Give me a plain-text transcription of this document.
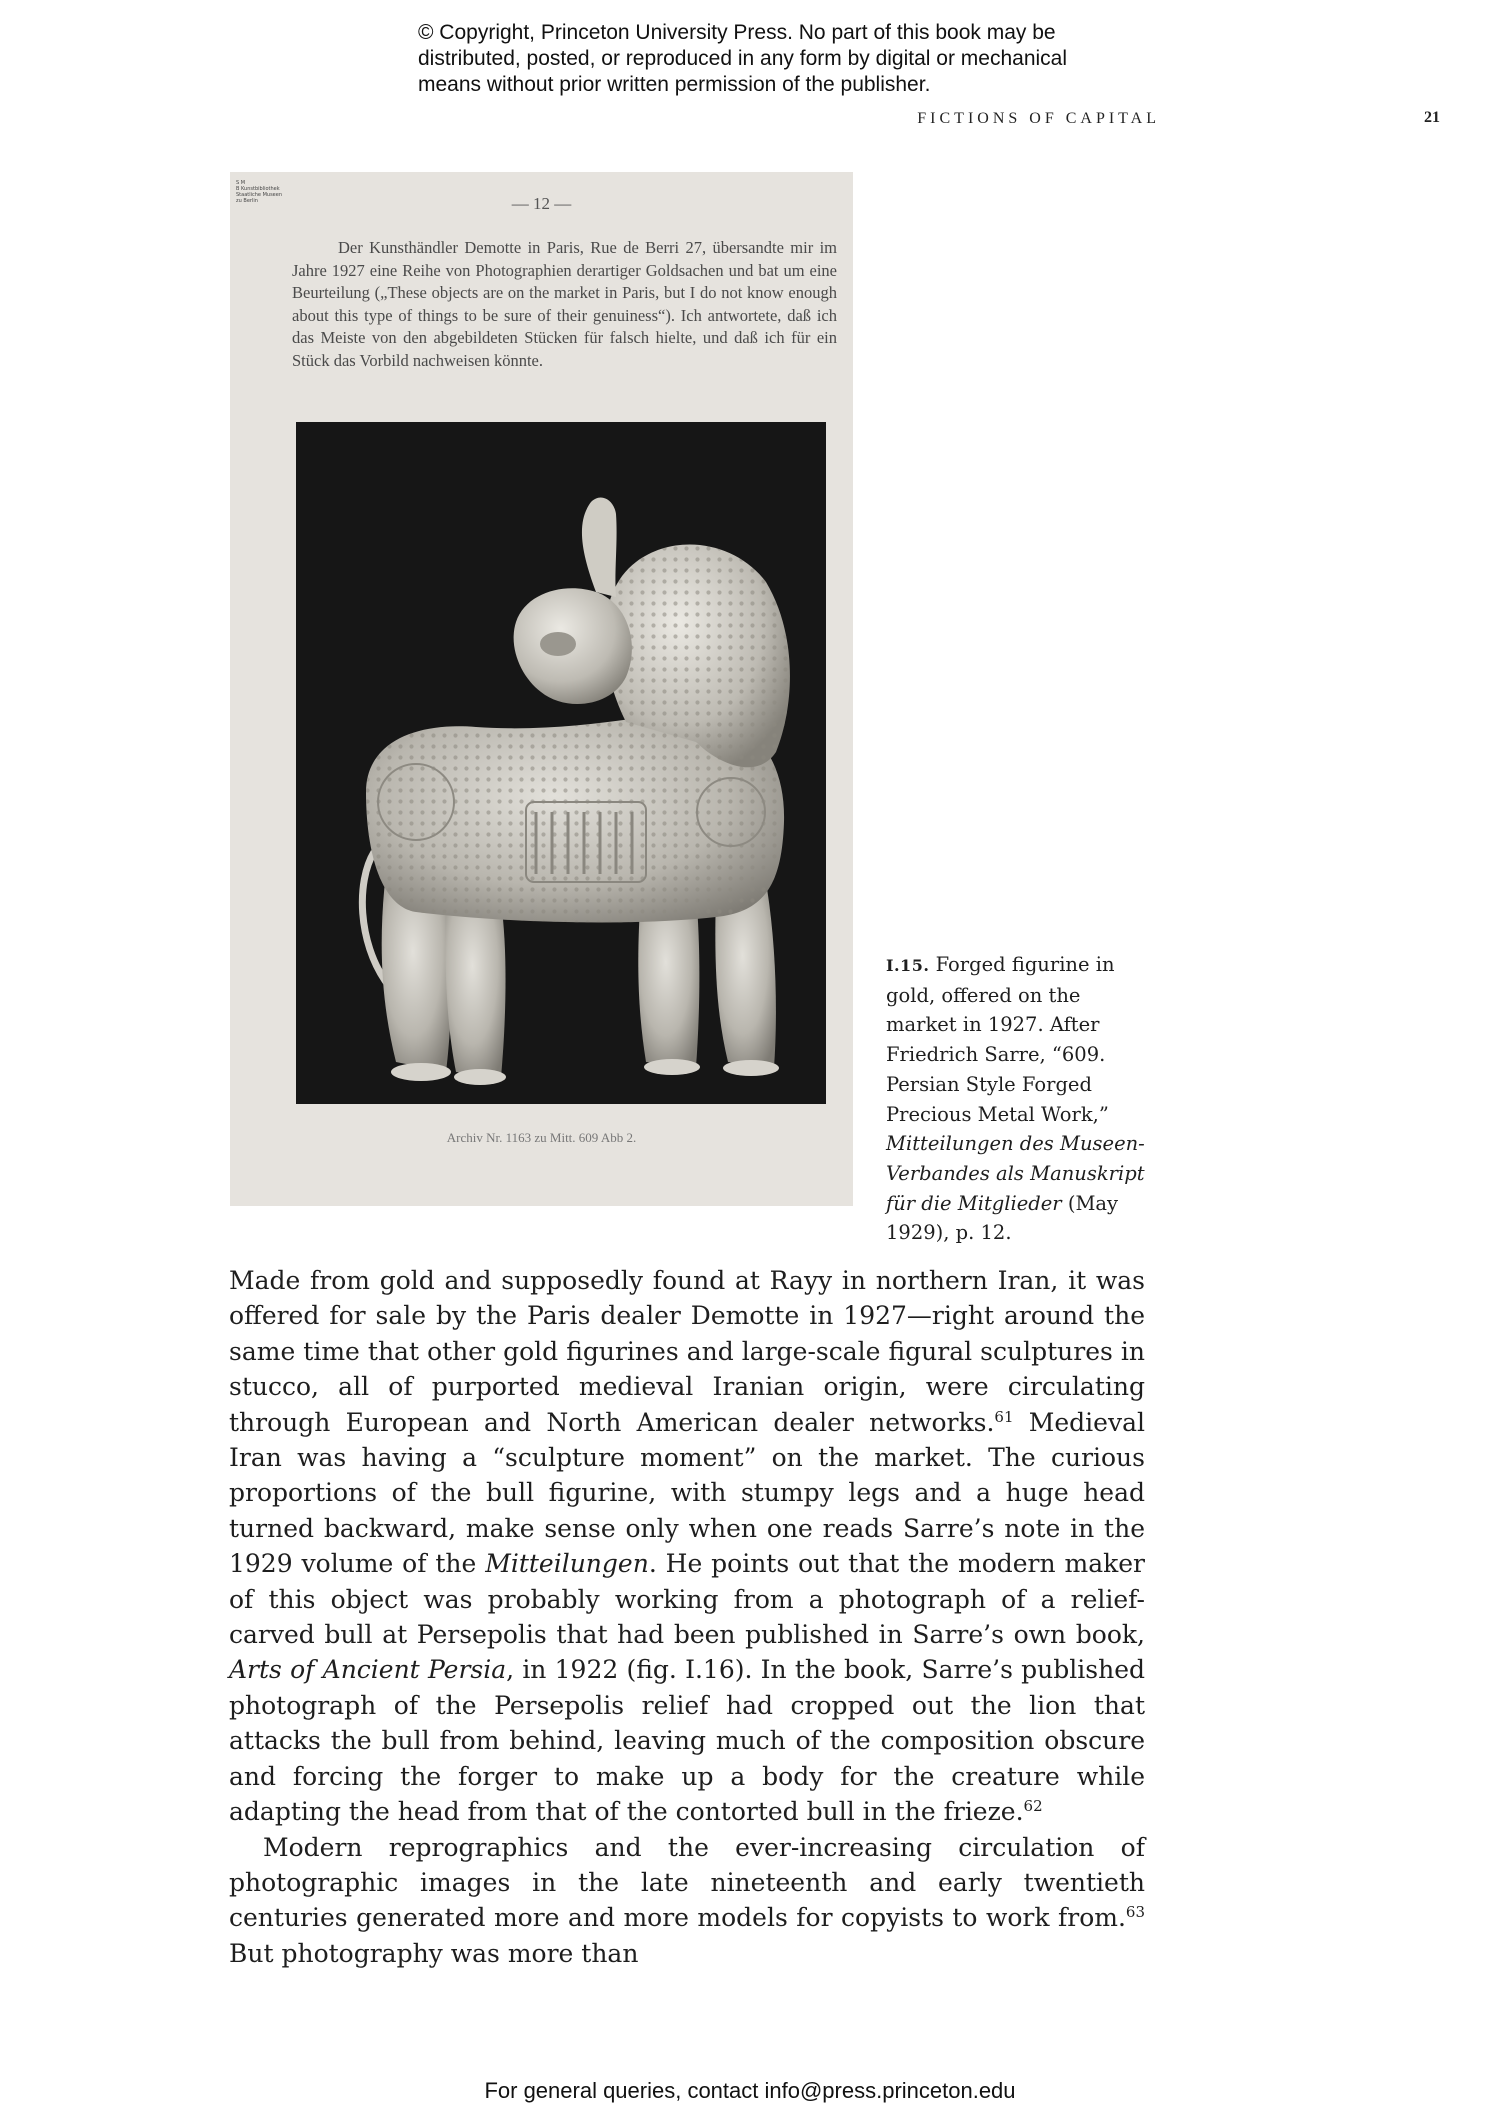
© Copyright, Princeton University Press. No part of this book may be
distributed, posted, or reproduced in any form by digital or mechanical
means without prior written permission of the publisher.
FICTIONS OF CAPITAL	21
S M
B Kunstbibliothek
Staatliche Museen
zu Berlin	— 12 —
Der Kunsthändler Demotte in Paris, Rue de Berri 27, übersandte mir im Jahre 1927 eine Reihe von Photographien derartiger Goldsachen und bat um eine Beurteilung („These objects are on the market in Paris, but I do not know enough about this type of things to be sure of their genuiness“). Ich antwortete, daß ich das Meiste von den abgebildeten Stücken für falsch hielte, und daß ich für ein Stück das Vorbild nachweisen könnte.
Archiv Nr. 1163 zu Mitt. 609 Abb 2.
I.15. Forged figurine in gold, offered on the market in 1927. After Friedrich Sarre, “609. Persian Style Forged Precious Metal Work,” Mitteilungen des Museen-Verbandes als Manuskript für die Mitglieder (May 1929), p. 12.

Made from gold and supposedly found at Rayy in northern Iran, it was offered for sale by the Paris dealer Demotte in 1927—right around the same time that other gold figurines and large-scale figural sculptures in stucco, all of purported medieval Iranian origin, were circulating through European and North American dealer networks.$^{61}$ Medieval Iran was having a “sculpture moment” on the market. The curious proportions of the bull figurine, with stumpy legs and a huge head turned backward, make sense only when one reads Sarre’s note in the 1929 volume of the Mitteilungen. He points out that the modern maker of this object was probably working from a photograph of a relief-carved bull at Persepolis that had been published in Sarre’s own book, Arts of Ancient Persia, in 1922 (fig. I.16). In the book, Sarre’s published photograph of the Persepolis relief had cropped out the lion that attacks the bull from behind, leaving much of the composition obscure and forcing the forger to make up a body for the creature while adapting the head from that of the contorted bull in the frieze.$^{62}$

Modern reprographics and the ever-increasing circulation of photographic images in the late nineteenth and early twentieth centuries generated more and more models for copyists to work from.$^{63}$ But photography was more than

For general queries, contact info@press.princeton.edu
